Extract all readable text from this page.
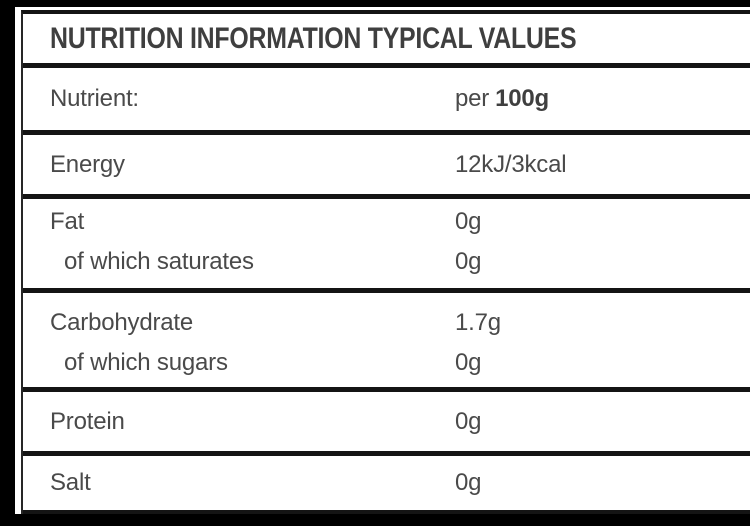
NUTRITION INFORMATION TYPICAL VALUES
Nutrient:	per 100g
Energy	12kJ/3kcal
Fat	0g
of which saturates	0g
Carbohydrate	1.7g
of which sugars	0g
Protein	0g
Salt	0g
